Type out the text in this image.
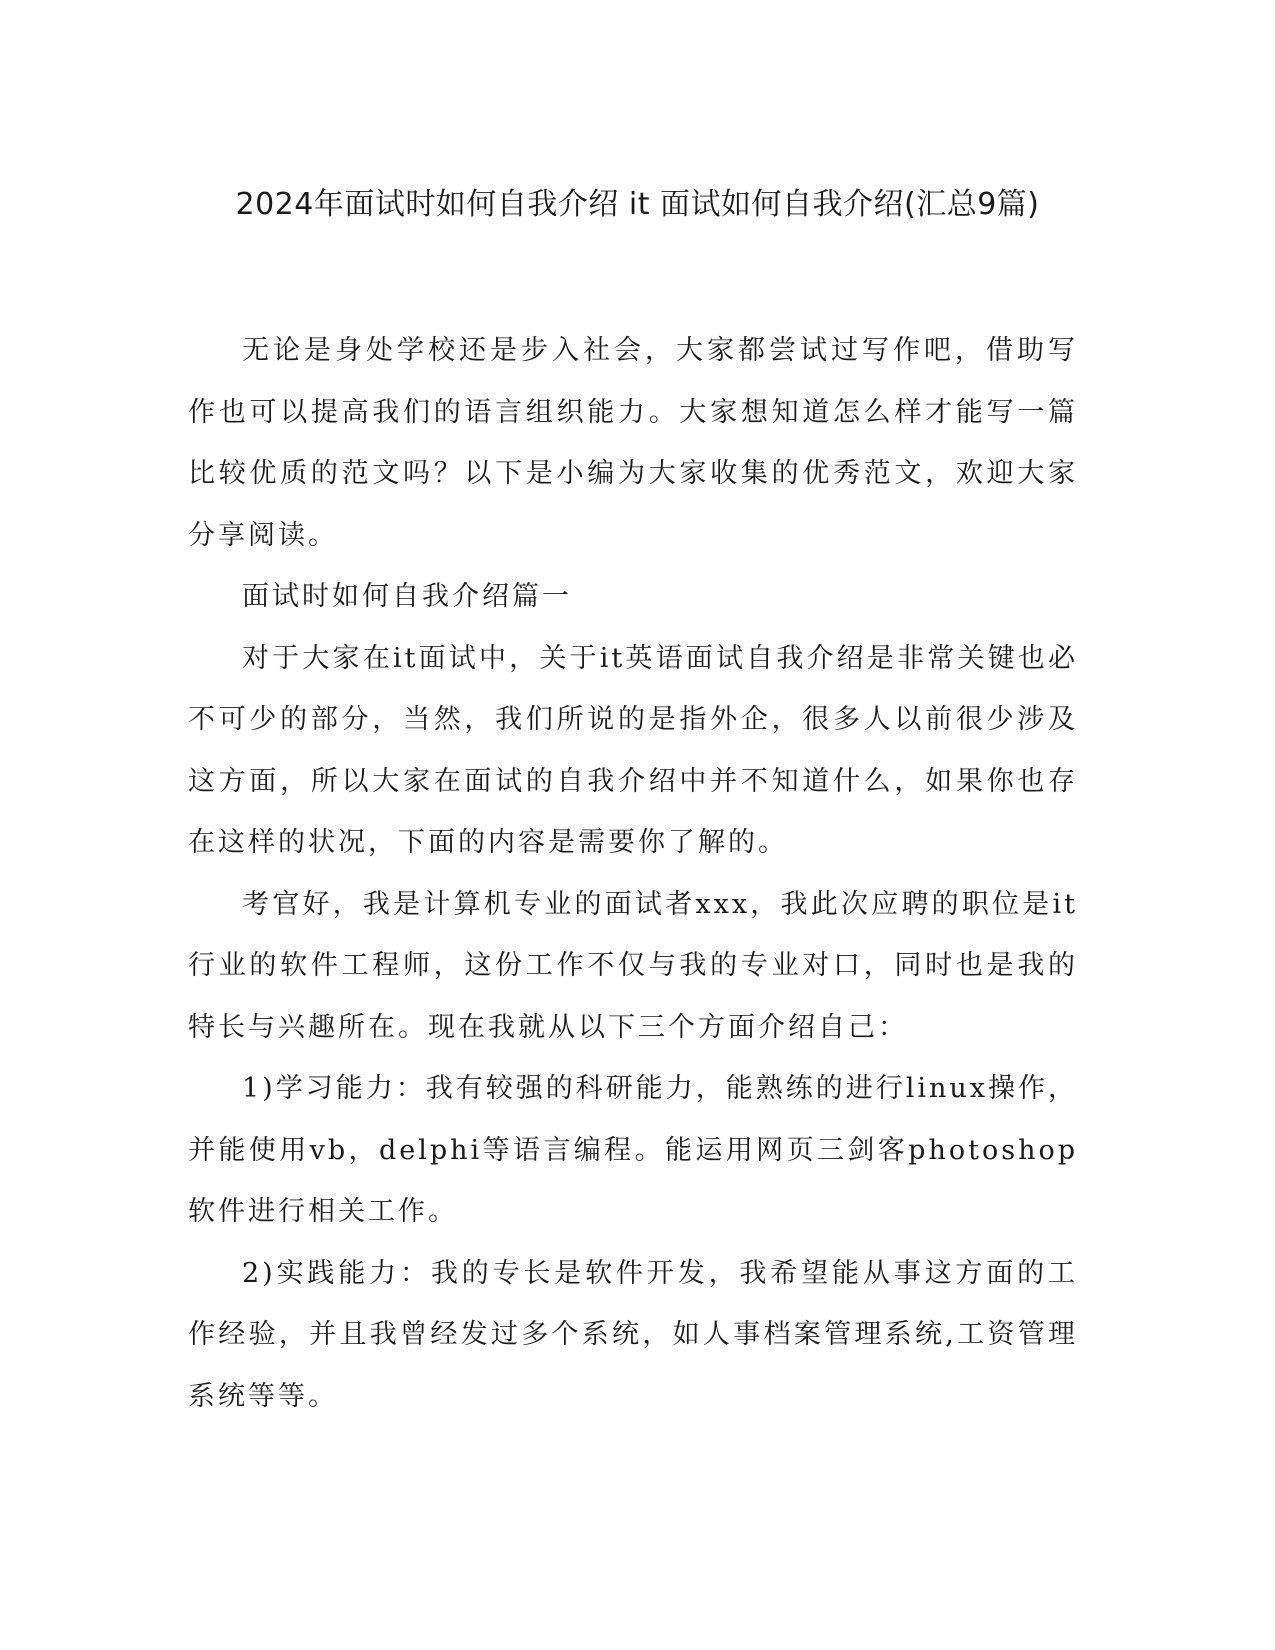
2024年面试时如何自我介绍 it 面试如何自我介绍(汇总9篇)

无论是身处学校还是步入社会，大家都尝试过写作吧，借助写作也可以提高我们的语言组织能力。大家想知道怎么样才能写一篇比较优质的范文吗？以下是小编为大家收集的优秀范文，欢迎大家分享阅读。

面试时如何自我介绍篇一

对于大家在it面试中，关于it英语面试自我介绍是非常关键也必不可少的部分，当然，我们所说的是指外企，很多人以前很少涉及这方面，所以大家在面试的自我介绍中并不知道什么，如果你也存在这样的状况，下面的内容是需要你了解的。

考官好，我是计算机专业的面试者xxx，我此次应聘的职位是it行业的软件工程师，这份工作不仅与我的专业对口，同时也是我的特长与兴趣所在。现在我就从以下三个方面介绍自己：

1)学习能力：我有较强的科研能力，能熟练的进行linux操作，并能使用vb，delphi等语言编程。能运用网页三剑客photoshop软件进行相关工作。

2)实践能力：我的专长是软件开发，我希望能从事这方面的工作经验，并且我曾经发过多个系统，如人事档案管理系统,工资管理系统等等。
